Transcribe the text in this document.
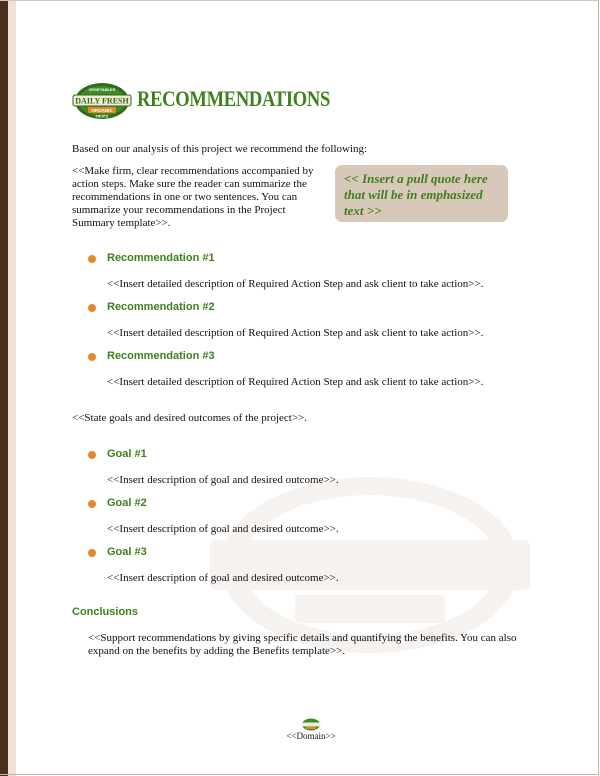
DAILY FRESH
VEGETABLES
ORGANIC
FRUITS
RECOMMENDATIONS

Based on our analysis of this project we recommend the following:

<<Make firm, clear recommendations accompanied by action steps. Make sure the reader can summarize the recommendations in one or two sentences. You can summarize your recommendations in the Project Summary template>>.

<< Insert a pull quote here that will be in emphasized text >>

Recommendation #1

<<Insert detailed description of Required Action Step and ask client to take action>>.

Recommendation #2

<<Insert detailed description of Required Action Step and ask client to take action>>.

Recommendation #3

<<Insert detailed description of Required Action Step and ask client to take action>>.

<<State goals and desired outcomes of the project>>.

Goal #1

<<Insert description of goal and desired outcome>>.

Goal #2

<<Insert description of goal and desired outcome>>.

Goal #3

<<Insert description of goal and desired outcome>>.

Conclusions

<<Support recommendations by giving specific details and quantifying the benefits. You can also expand on the benefits by adding the Benefits template>>.

<<Domain>>
